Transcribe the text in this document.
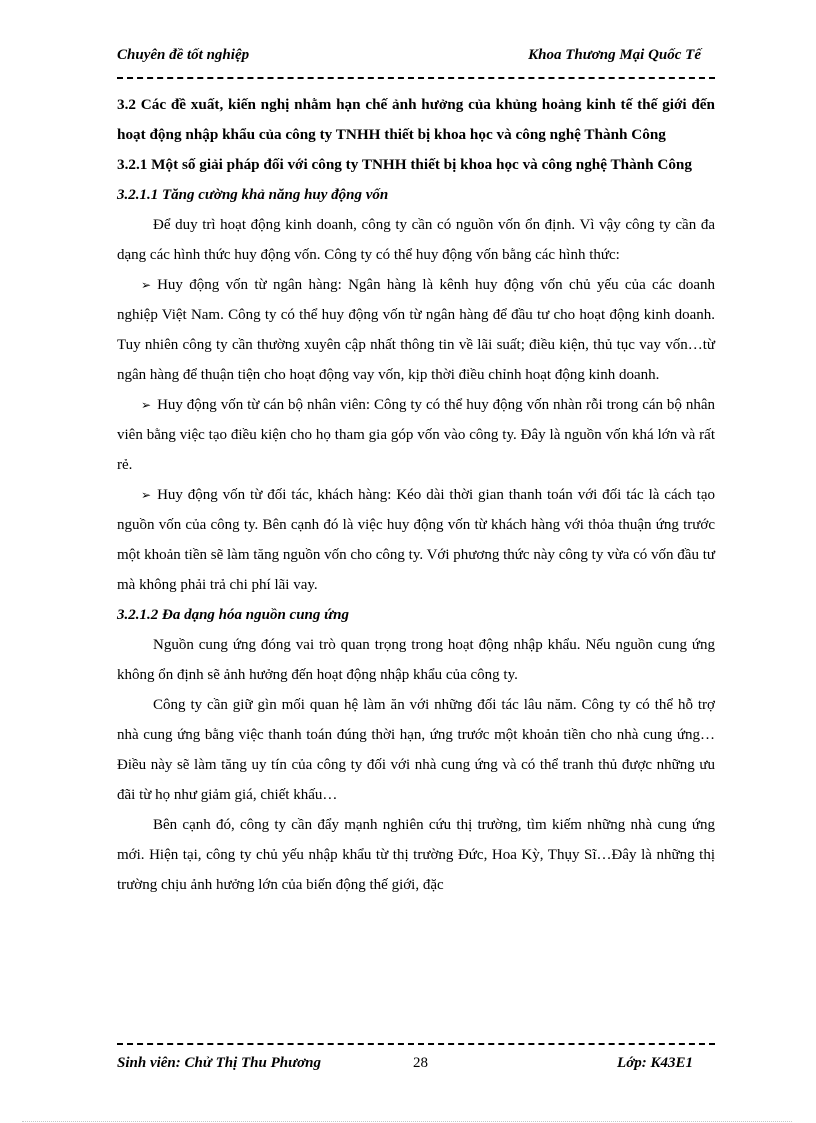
Chuyên đề tốt nghiệp	Khoa Thương Mại Quốc Tế

3.2 Các đề xuất, kiến nghị nhằm hạn chế ảnh hưởng của khủng hoảng kinh tế thế giới đến hoạt động nhập khẩu của công ty TNHH thiết bị khoa học và công nghệ Thành Công

3.2.1 Một số giải pháp đối với công ty TNHH thiết bị khoa học và công nghệ Thành Công

3.2.1.1 Tăng cường khả năng huy động vốn

Để duy trì hoạt động kinh doanh, công ty cần có nguồn vốn ổn định. Vì vậy công ty cần đa dạng các hình thức huy động vốn. Công ty có thể huy động vốn bằng các hình thức:

➢ Huy động vốn từ ngân hàng: Ngân hàng là kênh huy động vốn chủ yếu của các doanh nghiệp Việt Nam. Công ty có thể huy động vốn từ ngân hàng để đầu tư cho hoạt động kinh doanh. Tuy nhiên công ty cần thường xuyên cập nhất thông tin về lãi suất; điều kiện, thủ tục vay vốn…từ ngân hàng để thuận tiện cho hoạt động vay vốn, kịp thời điều chỉnh hoạt động kinh doanh.

➢ Huy động vốn từ cán bộ nhân viên: Công ty có thể huy động vốn nhàn rỗi trong cán bộ nhân viên bằng việc tạo điều kiện cho họ tham gia góp vốn vào công ty. Đây là nguồn vốn khá lớn và rất rẻ.

➢ Huy động vốn từ đối tác, khách hàng: Kéo dài thời gian thanh toán với đối tác là cách tạo nguồn vốn của công ty. Bên cạnh đó là việc huy động vốn từ khách hàng với thỏa thuận ứng trước một khoản tiền sẽ làm tăng nguồn vốn cho công ty. Với phương thức này công ty vừa có vốn đầu tư mà không phải trả chi phí lãi vay.

3.2.1.2 Đa dạng hóa nguồn cung ứng

Nguồn cung ứng đóng vai trò quan trọng trong hoạt động nhập khẩu. Nếu nguồn cung ứng không ổn định sẽ ảnh hưởng đến hoạt động nhập khẩu của công ty.

Công ty cần giữ gìn mối quan hệ làm ăn với những đối tác lâu năm. Công ty có thể hỗ trợ nhà cung ứng bằng việc thanh toán đúng thời hạn, ứng trước một khoản tiền cho nhà cung ứng…Điều này sẽ làm tăng uy tín của công ty đối với nhà cung ứng và có thể tranh thủ được những ưu đãi từ họ như giảm giá, chiết khấu…

Bên cạnh đó, công ty cần đẩy mạnh nghiên cứu thị trường, tìm kiếm những nhà cung ứng mới. Hiện tại, công ty chủ yếu nhập khẩu từ thị trường Đức, Hoa Kỳ, Thụy Sĩ…Đây là những thị trường chịu ảnh hưởng lớn của biến động thế giới, đặc

Sinh viên: Chử Thị Thu Phương	28	Lớp: K43E1
